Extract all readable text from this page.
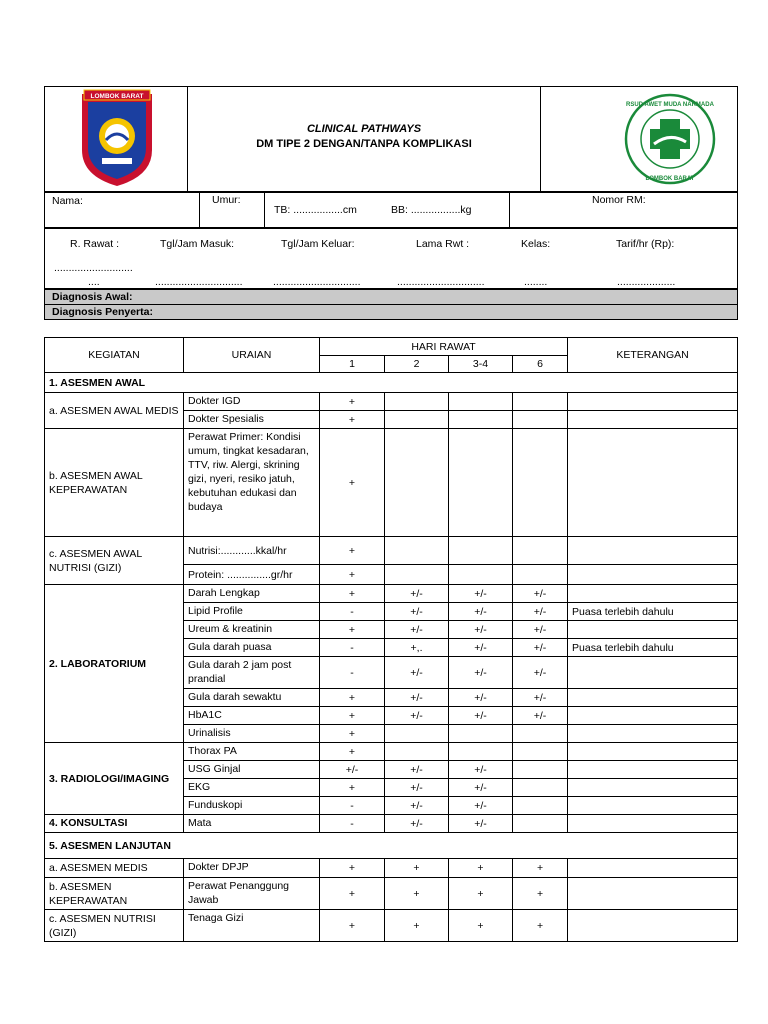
LOMBOK BARAT
CLINICAL PATHWAYS
DM TIPE 2 DENGAN/TANPA KOMPLIKASI
RSUD AWET MUDA NARMADA
LOMBOK BARAT
Nama:	Umur:
TB: .................cm	BB: .................kg
Nomor RM:
R. Rawat :	Tgl/Jam Masuk:	Tgl/Jam Keluar:	Lama Rwt :	Kelas:	Tarif/hr (Rp):
...........................
....	..............................	..............................	..............................	........	....................
Diagnosis Awal:
Diagnosis Penyerta:
KEGIATAN	URAIAN	HARI RAWAT				KETERANGAN
		1	2	3-4	6	
1. ASESMEN AWAL						
a. ASESMEN AWAL MEDIS	Dokter IGD	+				
	Dokter Spesialis	+				
b. ASESMEN AWAL KEPERAWATAN	Perawat Primer: Kondisi umum, tingkat kesadaran, TTV, riw. Alergi, skrining gizi, nyeri, resiko jatuh, kebutuhan edukasi dan budaya	+				
c. ASESMEN AWAL NUTRISI (GIZI)	Nutrisi:............kkal/hr	+				
	Protein: ...............gr/hr	+				
2. LABORATORIUM	Darah Lengkap	+	+/-	+/-	+/-	
	Lipid Profile	-	+/-	+/-	+/-	Puasa terlebih dahulu
	Ureum & kreatinin	+	+/-	+/-	+/-	
	Gula darah puasa	-	+,.	+/-	+/-	Puasa terlebih dahulu
	Gula darah 2 jam post prandial	-	+/-	+/-	+/-	
	Gula darah sewaktu	+	+/-	+/-	+/-	
	HbA1C	+	+/-	+/-	+/-	
	Urinalisis	+				
3. RADIOLOGI/IMAGING	Thorax PA	+				
	USG Ginjal	+/-	+/-	+/-		
	EKG	+	+/-	+/-		
	Funduskopi	-	+/-	+/-		
4. KONSULTASI	Mata	-	+/-	+/-		
5. ASESMEN LANJUTAN						
a. ASESMEN MEDIS	Dokter DPJP	+	+	+	+	
b. ASESMEN KEPERAWATAN	Perawat Penanggung Jawab	+	+	+	+	
c. ASESMEN NUTRISI (GIZI)	Tenaga Gizi	+	+	+	+	
